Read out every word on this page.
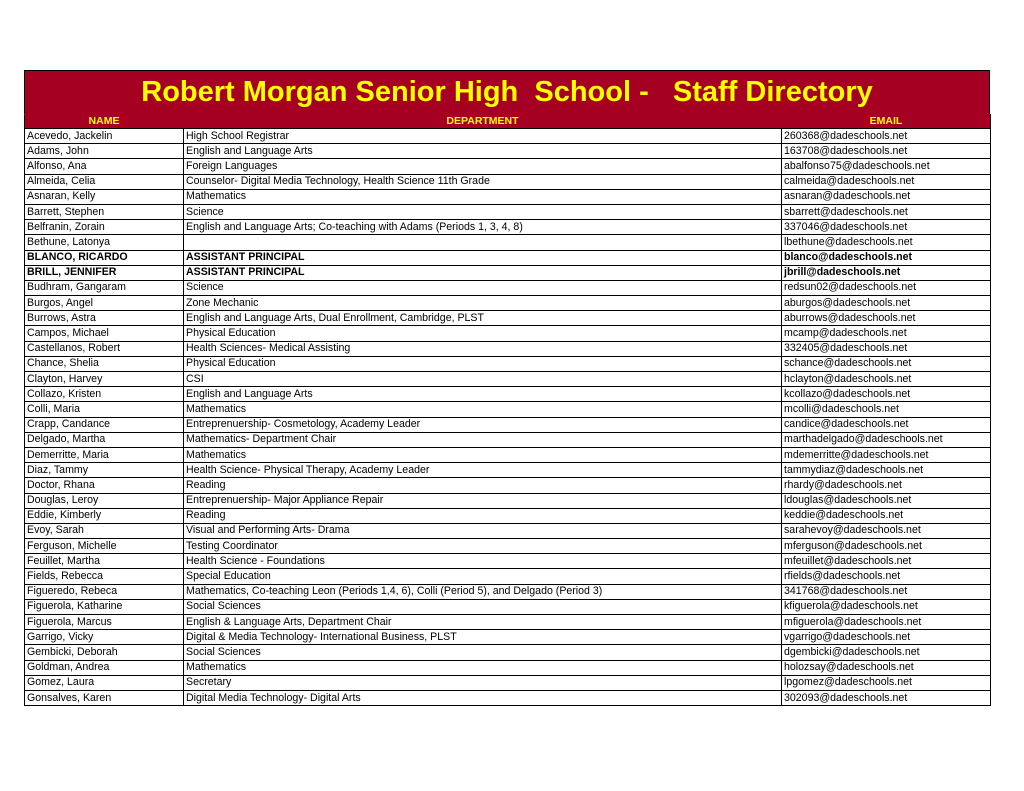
Robert Morgan Senior High  School -   Staff Directory
NAME	DEPARTMENT	EMAIL
Acevedo, Jackelin	High School Registrar	260368@dadeschools.net
Adams, John	English and Language Arts	163708@dadeschools.net
Alfonso, Ana	Foreign Languages	abalfonso75@dadeschools.net
Almeida, Celia	Counselor- Digital Media Technology, Health Science 11th Grade	calmeida@dadeschools.net
Asnaran, Kelly	Mathematics	asnaran@dadeschools.net
Barrett, Stephen	Science	sbarrett@dadeschools.net
Belfranin, Zorain	English and Language Arts; Co-teaching with Adams (Periods 1, 3, 4, 8)	337046@dadeschools.net
Bethune, Latonya		lbethune@dadeschools.net
BLANCO, RICARDO	ASSISTANT PRINCIPAL	blanco@dadeschools.net
BRILL, JENNIFER	ASSISTANT PRINCIPAL	jbrill@dadeschools.net
Budhram, Gangaram	Science	redsun02@dadeschools.net
Burgos, Angel	Zone Mechanic	aburgos@dadeschools.net
Burrows, Astra	English and Language Arts, Dual Enrollment, Cambridge, PLST	aburrows@dadeschools.net
Campos, Michael	Physical Education	mcamp@dadeschools.net
Castellanos, Robert	Health Sciences- Medical Assisting	332405@dadeschools.net
Chance, Shelia	Physical Education	schance@dadeschools.net
Clayton, Harvey	CSI	hclayton@dadeschools.net
Collazo, Kristen	English and Language Arts	kcollazo@dadeschools.net
Colli, Maria	Mathematics	mcolli@dadeschools.net
Crapp, Candance	Entreprenuership- Cosmetology, Academy Leader	candice@dadeschools.net
Delgado, Martha	Mathematics- Department Chair	marthadelgado@dadeschools.net
Demerritte, Maria	Mathematics	mdemerritte@dadeschools.net
Diaz, Tammy	Health Science- Physical Therapy, Academy Leader	tammydiaz@dadeschools.net
Doctor, Rhana	Reading	rhardy@dadeschools.net
Douglas, Leroy	Entreprenuership- Major Appliance Repair	ldouglas@dadeschools.net
Eddie, Kimberly	Reading	keddie@dadeschools.net
Evoy, Sarah	Visual and Performing Arts- Drama	sarahevoy@dadeschools.net
Ferguson, Michelle	Testing Coordinator	mferguson@dadeschools.net
Feuillet, Martha	Health Science - Foundations	mfeuillet@dadeschools.net
Fields, Rebecca	Special Education	rfields@dadeschools.net
Figueredo, Rebeca	Mathematics, Co-teaching Leon (Periods 1,4, 6), Colli (Period 5), and Delgado (Period 3)	341768@dadeschools.net
Figuerola, Katharine	Social Sciences	kfiguerola@dadeschools.net
Figuerola, Marcus	English & Language Arts, Department Chair	mfiguerola@dadeschools.net
Garrigo, Vicky	Digital & Media Technology- International Business, PLST	vgarrigo@dadeschools.net
Gembicki, Deborah	Social Sciences	dgembicki@dadeschools.net
Goldman, Andrea	Mathematics	holozsay@dadeschools.net
Gomez, Laura	Secretary	lpgomez@dadeschools.net
Gonsalves, Karen	Digital Media Technology- Digital Arts	302093@dadeschools.net
